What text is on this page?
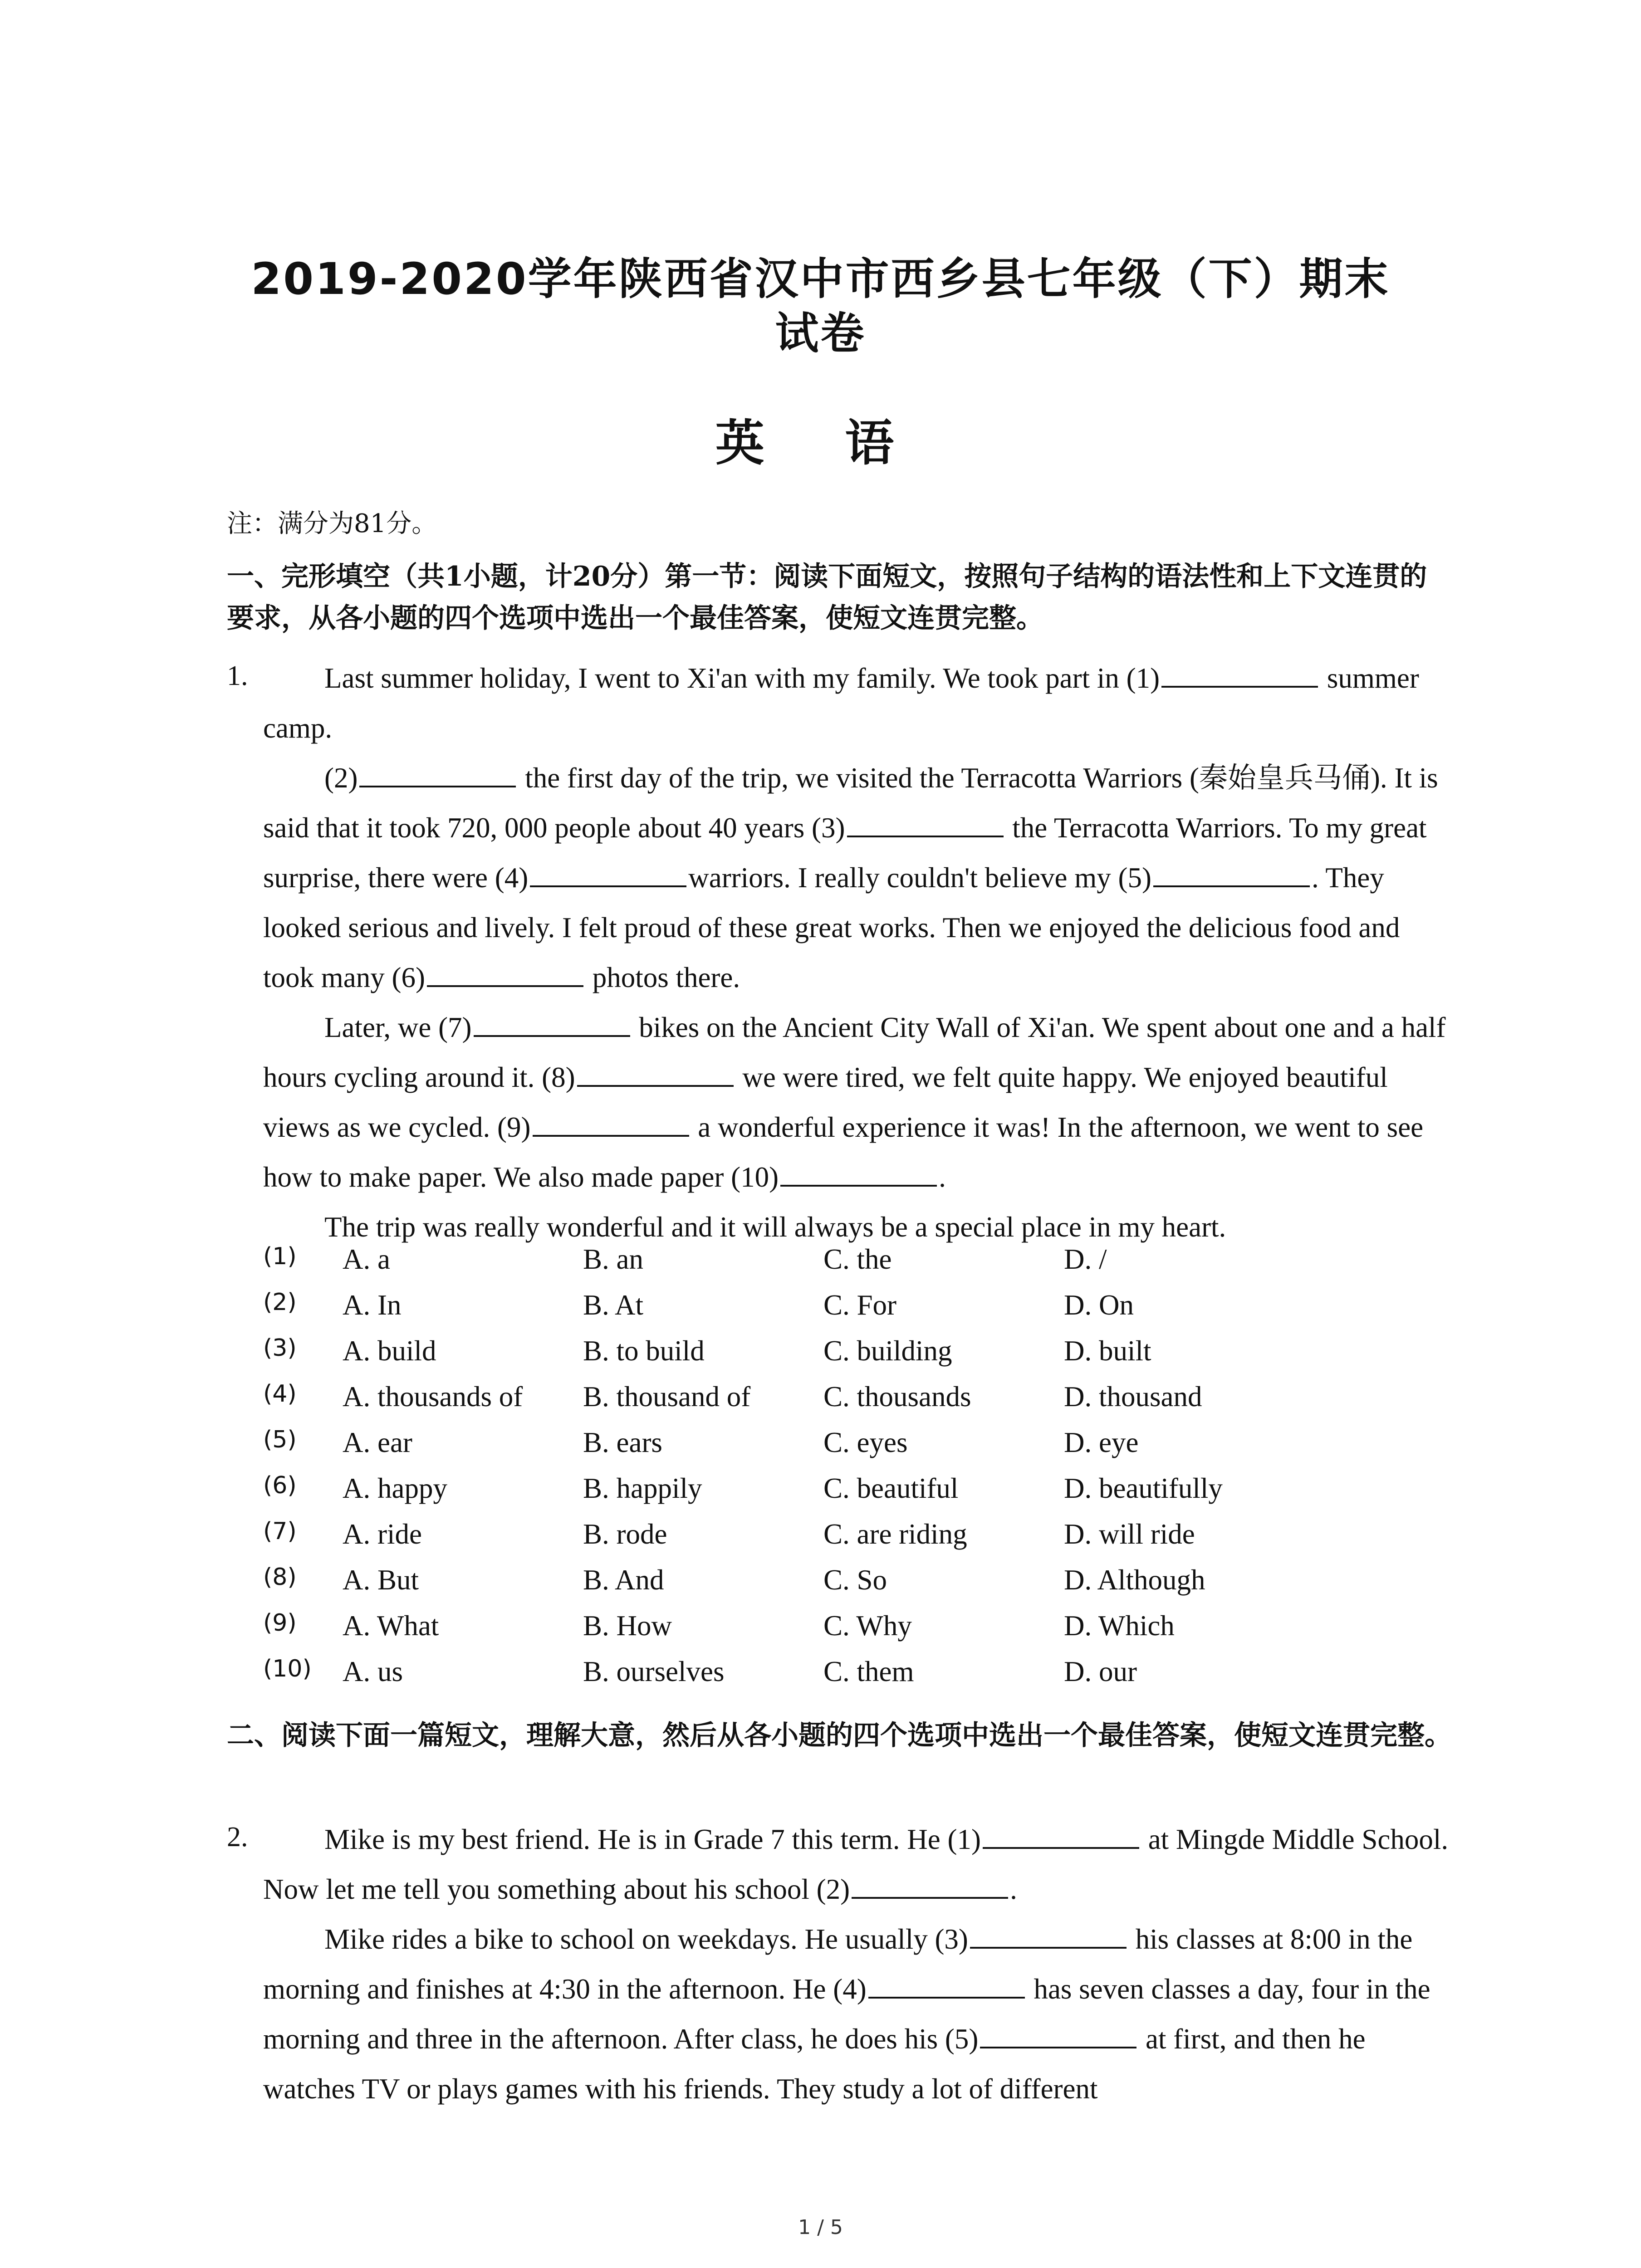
2019-2020学年陕西省汉中市西乡县七年级（下）期末
试卷
英 语
注：满分为81分。
一、完形填空（共1小题，计20分）第一节：阅读下面短文，按照句子结构的语法性和上下文连贯的要求，从各小题的四个选项中选出一个最佳答案，使短文连贯完整。
1.	Last summer holiday, I went to Xi'an with my family. We took part in (1)	summer camp.

(2)	the first day of the trip, we visited the Terracotta Warriors (秦始皇兵马俑). It is said that it took 720, 000 people about 40 years (3)	the Terracotta Warriors. To my great surprise, there were (4)	warriors. I really couldn't believe my (5)	. They looked serious and lively. I felt proud of these great works. Then we enjoyed the delicious food and took many (6)	photos there.

Later, we (7)	bikes on the Ancient City Wall of Xi'an. We spent about one and a half hours cycling around it. (8)	we were tired, we felt quite happy. We enjoyed beautiful views as we cycled. (9)	a wonderful experience it was! In the afternoon, we went to see how to make paper. We also made paper (10)	.

The trip was really wonderful and it will always be a special place in my heart.

(1) A. a	B. an	C. the	D. /
(2) A. In	B. At	C. For	D. On
(3) A. build	B. to build	C. building	D. built
(4) A. thousands of B. thousand of	C. thousands	D. thousand
(5) A. ear	B. ears	C. eyes	D. eye
(6) A. happy	B. happily	C. beautiful	D. beautifully
(7) A. ride	B. rode	C. are riding	D. will ride
(8) A. But	B. And	C. So	D. Although
(9) A. What	B. How	C. Why	D. Which
(10) A. us	B. ourselves	C. them	D. our
二、阅读下面一篇短文，理解大意，然后从各小题的四个选项中选出一个最佳答案，使短文连贯完整。
2.	Mike is my best friend. He is in Grade 7 this term. He (1)	at Mingde Middle School. Now let me tell you something about his school (2)	.

Mike rides a bike to school on weekdays. He usually (3)	his classes at 8:00 in the morning and finishes at 4:30 in the afternoon. He (4)	has seven classes a day, four in the morning and three in the afternoon. After class, he does his (5)	at first, and then he watches TV or plays games with his friends. They study a lot of different

1 / 5
